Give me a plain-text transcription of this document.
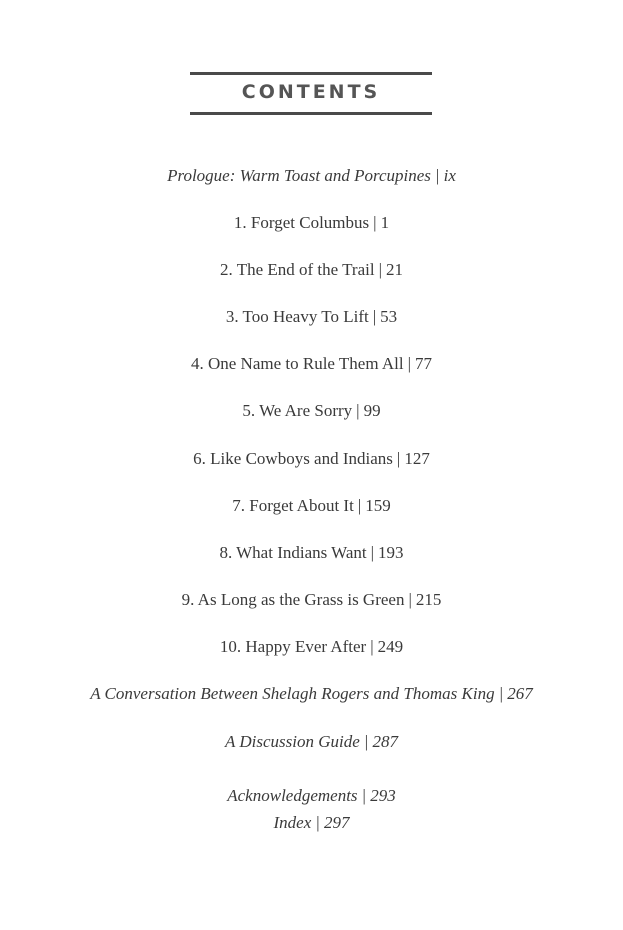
CONTENTS
Prologue: Warm Toast and Porcupines | ix
1. Forget Columbus | 1
2. The End of the Trail | 21
3. Too Heavy To Lift | 53
4. One Name to Rule Them All | 77
5. We Are Sorry | 99
6. Like Cowboys and Indians | 127
7. Forget About It | 159
8. What Indians Want | 193
9. As Long as the Grass is Green | 215
10. Happy Ever After | 249
A Conversation Between Shelagh Rogers and Thomas King | 267
A Discussion Guide | 287
Acknowledgements | 293
Index | 297
